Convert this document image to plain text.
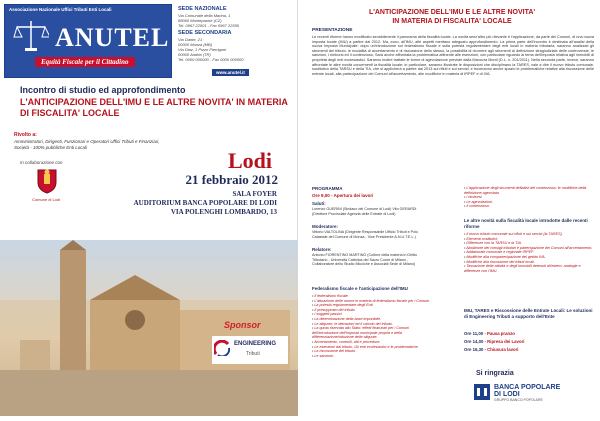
Associazione Nazionale Uffici Tributi Enti Locali
ANUTEL
Equità Fiscale per il Cittadino
SEDE NAZIONALE
Via Comunale della Marina, 1
88060 Montepaone (CZ)
Tel. 0967 22001 - Fax 0967 22555
SEDE SECONDARIA
Via Dante, 21
00000 Monza (MB)
Via Diaz, 1 Pizzo Pierrigoni
00000 Andria (TR)
Tel. 0000 000000 - Fax 0000 000000
www.anutel.it
Incontro di studio ed approfondimento
L'ANTICIPAZIONE DELL'IMU E LE ALTRE NOVITA' IN MATERIA DI FISCALITA' LOCALE
Rivolto a:
Amministratori, Dirigenti, Funzionari e Operatori Uffici Tributi e Finanziari, Società - 100% pubbliche Enti Locali
In collaborazione con
Comune di Lodi
Lodi
21 febbraio 2012
SALA FOYER
AUDITORIUM BANCA POPOLARE DI LODI
VIA POLENGHI LOMBARDO, 13
Sponsor
ENGINEERING
Tributi
L'ANTICIPAZIONE DELL'IMU E LE ALTRE NOVITA'
IN MATERIA DI FISCALITA' LOCALE
PRESENTAZIONE
Le recenti riforme hanno modificato sensibilmente il panorama della fiscalità locale. La novità senz'altro più rilevante è l'applicazione, da parte dei Comuni, di una nuova imposta locale (IMU) a partire dal 2012. Ma, ecco, all'IMU, altri aspetti meritano adeguato approfondimento. La prima parte dell'incontro è destinata all'analisi della nuova Imposta Municipale: dopo un'introduzione sul federalismo fiscale e sulla potestà regolamentare degli enti locali in materia tributaria, saranno analizzati gli strumenti del tributo, le modalità di accertamento e di riscossione dello stesso, la possibilità di ricorrere agli strumenti di definizione stragiudiziale delle controversie, le sanzioni, i rimborsi ed il contenzioso. Sarà anche affrontata la problematica attinente alle esenzioni, con particolare riguardo al tema dell'imposta relativa agli immobili di proprietà degli enti ecclesiastici. Saranno inoltre trattate le forme di agevolazione previste dalla Manovra Monti (D.L. n. 201/2011). Nella seconda parte, invece, saranno affrontate le altre novità concernenti la fiscalità locale: in particolare, saranno illustrate le disposizioni che disciplinano la TARES, vale a dire il nuovo tributo comunale, sostitutivo della TARSU e della TIA, che si applicherà a partire dal 2013 sui rifiuti e sui servizi; e troveranno anche spazio le problematiche relative alla riscossione delle entrate locali, alla partecipazione dei Comuni all'accertamento, alle modifiche in materia di IRPEF e di IVA.
PROGRAMMA
Ore 9,00 - Apertura dei lavori
Saluti:
Lorenzo GUERINI (Sindaco del Comune di Lodi) Vito GERARDI (Direttore Provinciale Agenzia delle Entrate di Lodi)
Moderatore:
Vittorio VALTOLINA (Dirigente Responsabile Ufficio Tributi e Polo Catastale del Comune di Monza - Vice Presidente A.N.U.T.E.L.)
Relatore:
Antonio FIORENTINO MARTINO (Cultore della materia in Diritto Tributario - Università Cattolica del Sacro Cuore di Milano - Collaboratore dello Studio Micciche e Associati Sede di Milano)
Federalismo fiscale e l'anticipazione dell'IMU
• Il federalismo fiscale.
• L'attuazione delle norme in materia di federalismo fiscale per i Comuni.
• La potestà regolamentare degli Enti.
• Il presupposto del tributo.
• I soggetti passivi.
• La determinazione della base imponibile.
• Le aliquote, le detrazioni ed il calcolo del tributo.
• La quota riservata allo Stato: effetti finanziari per i Comuni dell'introduzione dell'imposta municipale propria e della differenziazione/riduzione delle aliquote.
• Accertamento, controlli, atti e procedure.
• Le esenzioni dal tributo. Gli enti ecclesiastici e le problematiche.
• La riscossione del tributo.
• Le sanzioni.
• L'applicazione degli strumenti deflattivi del contenzioso: le modifiche della definizione agevolata.
• I rimborsi.
• Le agevolazioni.
• Il contenzioso.
Le altre novità sulla fiscalità locale introdotte dalle recenti riforme
• Il nuovo tributo comunale sui rifiuti e sui servizi (la TARES).
• Elementi costitutivi;
• Differenze con la TARSU e la TIA.
• Abolizione dei consigli tributari e partecipazione dei Comuni all'accertamento.
• Addizionale comunale e regionale IRPEF.
• Modifiche alla compartecipazione del gettito IVA.
• Modifiche alla riscossione dei tributi locali.
• Tassazione delle attività e degli immobili detenuti all'estero: analogie e differenze con l'IMU.
IMU, TARES e Riscossione delle Entrate Locali: Le soluzioni di Engineering Tributi a supporto dell'Ente
Ore 11,00 - Pausa pranzo
Ore 14,00 - Ripresa dei Lavori
Ore 16,30 - Chiusura lavori
Si ringrazia
BANCA POPOLARE
DI LODI
GRUPPO BANCO POPOLARE
